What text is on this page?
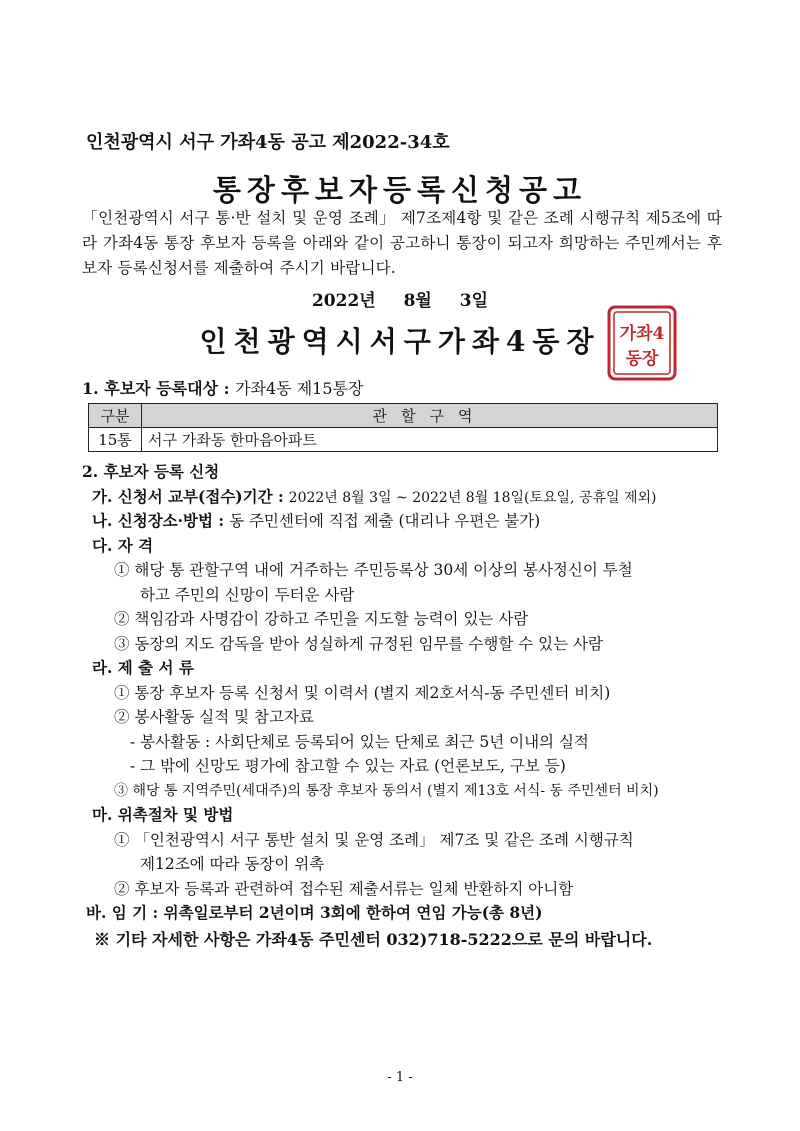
인천광역시 서구 가좌4동 공고 제2022-34호
통장후보자등록신청공고
「인천광역시 서구 통·반 설치 및 운영 조례」 제7조제4항 및 같은 조례 시행규칙 제5조에 따라 가좌4동 통장 후보자 등록을 아래와 같이 공고하니 통장이 되고자 희망하는 주민께서는 후보자 등록신청서를 제출하여 주시기 바랍니다.
2022년 8월 3일
인천광역시서구가좌4동장	가좌4
동장
1. 후보자 등록대상 : 가좌4동 제15통장
구분	관할구역
15통	서구 가좌동 한마음아파트
2. 후보자 등록 신청
가. 신청서 교부(접수)기간 : 2022년 8월 3일 ~ 2022년 8월 18일(토요일, 공휴일 제외)
나. 신청장소·방법 : 동 주민센터에 직접 제출 (대리나 우편은 불가)
다. 자 격
① 해당 통 관할구역 내에 거주하는 주민등록상 30세 이상의 봉사정신이 투철
하고 주민의 신망이 두터운 사람
② 책임감과 사명감이 강하고 주민을 지도할 능력이 있는 사람
③ 동장의 지도 감독을 받아 성실하게 규정된 임무를 수행할 수 있는 사람
라. 제 출 서 류
① 통장 후보자 등록 신청서 및 이력서 (별지 제2호서식-동 주민센터 비치)
② 봉사활동 실적 및 참고자료
- 봉사활동 : 사회단체로 등록되어 있는 단체로 최근 5년 이내의 실적
- 그 밖에 신망도 평가에 참고할 수 있는 자료 (언론보도, 구보 등)
③ 해당 통 지역주민(세대주)의 통장 후보자 동의서 (별지 제13호 서식- 동 주민센터 비치)
마. 위촉절차 및 방법
① 「인천광역시 서구 통반 설치 및 운영 조례」 제7조 및 같은 조례 시행규칙
제12조에 따라 동장이 위촉
② 후보자 등록과 관련하여 접수된 제출서류는 일체 반환하지 아니함
바. 임 기 : 위촉일로부터 2년이며 3회에 한하여 연임 가능(총 8년)
※ 기타 자세한 사항은 가좌4동 주민센터 032)718-5222으로 문의 바랍니다.
- 1 -
